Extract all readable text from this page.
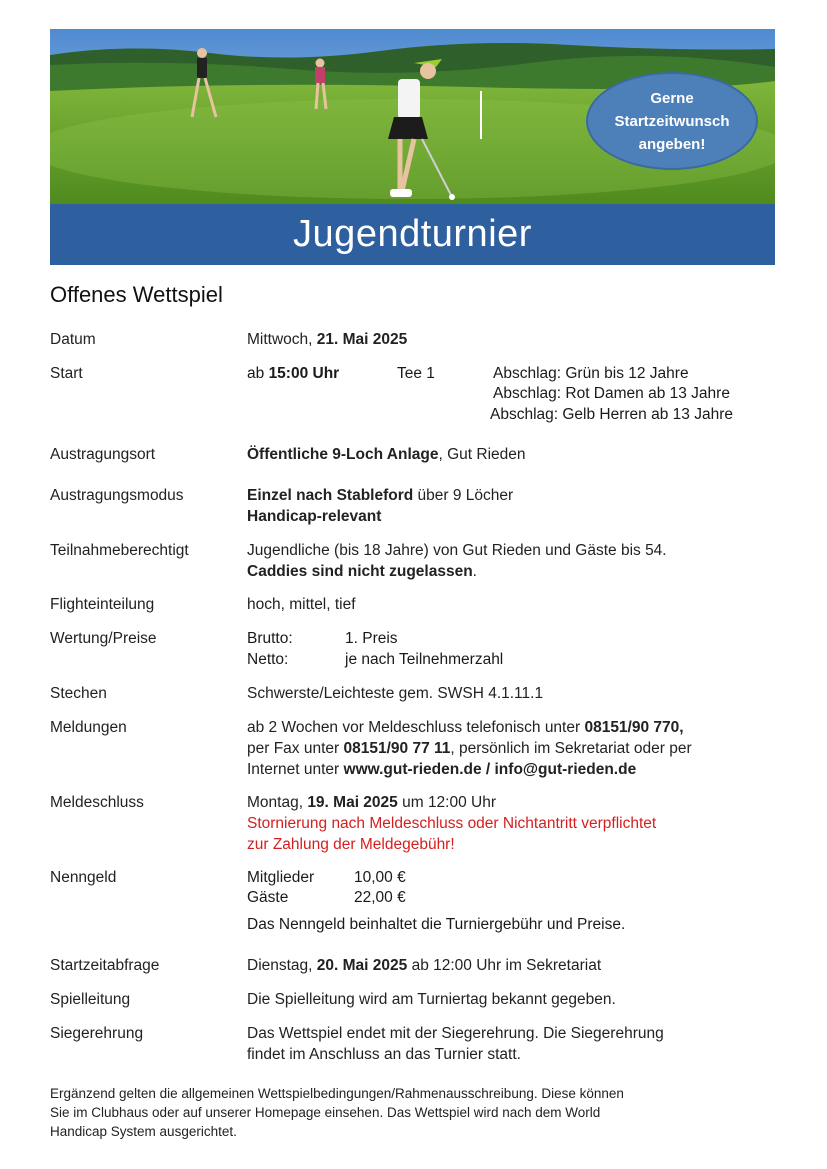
Gerne
Startzeitwunsch
angeben!
Jugendturnier
Offenes Wettspiel
Datum	Mittwoch, 21. Mai 2025
Start	ab 15:00 Uhr	Tee 1	Abschlag: Grün bis 12 Jahre
Abschlag: Rot Damen ab 13 Jahre
Abschlag: Gelb Herren ab 13 Jahre
Austragungsort	Öffentliche 9-Loch Anlage, Gut Rieden
Austragungsmodus	Einzel nach Stableford über 9 Löcher
Handicap-relevant
Teilnahmeberechtigt	Jugendliche (bis 18 Jahre) von Gut Rieden und Gäste bis 54.
Caddies sind nicht zugelassen.
Flighteinteilung	hoch, mittel, tief
Wertung/Preise	Brutto:	1. Preis
Netto:	je nach Teilnehmerzahl
Stechen	Schwerste/Leichteste gem. SWSH 4.1.11.1
Meldungen	ab 2 Wochen vor Meldeschluss telefonisch unter 08151/90 770,
per Fax unter 08151/90 77 11, persönlich im Sekretariat oder per
Internet unter www.gut-rieden.de / info@gut-rieden.de
Meldeschluss	Montag, 19. Mai 2025 um 12:00 Uhr
Stornierung nach Meldeschluss oder Nichtantritt verpflichtet
zur Zahlung der Meldegebühr!
Nenngeld	Mitglieder	10,00 €
Gäste	22,00 €
Das Nenngeld beinhaltet die Turniergebühr und Preise.
Startzeitabfrage	Dienstag, 20. Mai 2025 ab 12:00 Uhr im Sekretariat
Spielleitung	Die Spielleitung wird am Turniertag bekannt gegeben.
Siegerehrung	Das Wettspiel endet mit der Siegerehrung. Die Siegerehrung
findet im Anschluss an das Turnier statt.
Ergänzend gelten die allgemeinen Wettspielbedingungen/Rahmenausschreibung. Diese können
Sie im Clubhaus oder auf unserer Homepage einsehen. Das Wettspiel wird nach dem World
Handicap System ausgerichtet.
